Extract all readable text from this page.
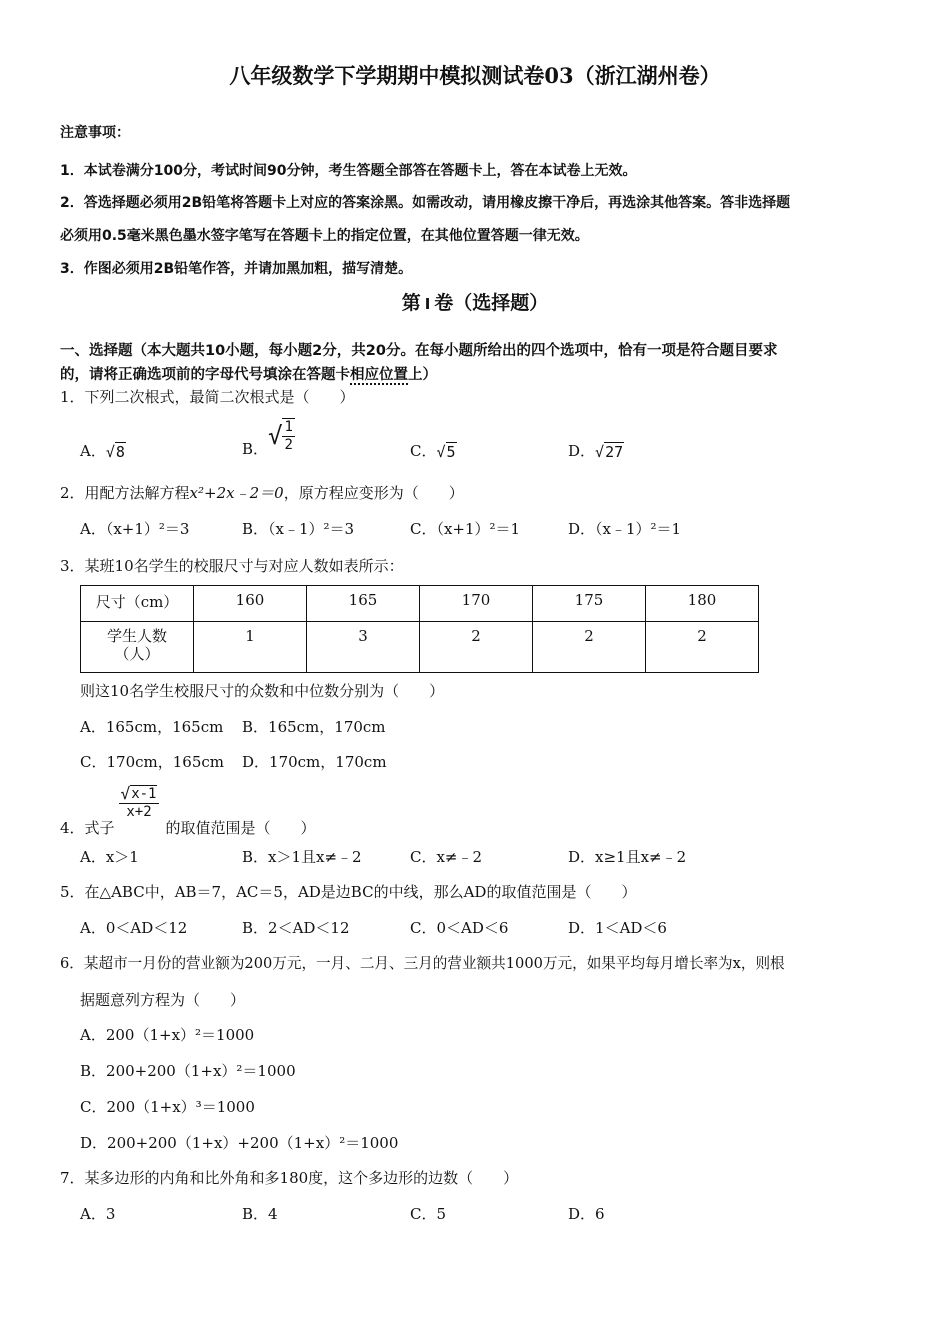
八年级数学下学期期中模拟测试卷03（浙江湖州卷）
注意事项：
1．本试卷满分100分，考试时间90分钟，考生答题全部答在答题卡上，答在本试卷上无效。
2．答选择题必须用2B铅笔将答题卡上对应的答案涂黑。如需改动，请用橡皮擦干净后，再选涂其他答案。答非选择题
必须用0.5毫米黑色墨水签字笔写在答题卡上的指定位置，在其他位置答题一律无效。
3．作图必须用2B铅笔作答，并请加黑加粗，描写清楚。
第 Ⅰ 卷（选择题）
一、选择题（本大题共10小题，每小题2分，共20分。在每小题所给出的四个选项中，恰有一项是符合题目要求
的，请将正确选项前的字母代号填涂在答题卡相应位置上）
1．下列二次根式，最简二次根式是（　　）
A．√8	B．√ $\frac{1}{2}$	C．√5	D．√27
2．用配方法解方程x²+2x﹣2＝0，原方程应变形为（　　）
A．（x+1）²＝3	B．（x﹣1）²＝3	C．（x+1）²＝1	D．（x﹣1）²＝1
3．某班10名学生的校服尺寸与对应人数如表所示：
尺寸（cm）	160	165	170	175	180

学生人数
（人）	1	3	2	2	2
则这10名学生校服尺寸的众数和中位数分别为（　　）
A．165cm，165cm B．165cm，170cm
C．170cm，165cm D．170cm，170cm
4．式子
$\frac{√x-1}{x+2}$
的取值范围是（　　）
A．x＞1	B．x＞1且x≠﹣2	C．x≠﹣2	D．x≥1且x≠﹣2
5．在△ABC中，AB＝7，AC＝5，AD是边BC的中线，那么AD的取值范围是（　　）
A．0＜AD＜12	B．2＜AD＜12	C．0＜AD＜6	D．1＜AD＜6
6．某超市一月份的营业额为200万元，一月、二月、三月的营业额共1000万元，如果平均每月增长率为x，则根
据题意列方程为（　　）
A．200（1+x）²＝1000
B．200+200（1+x）²＝1000
C．200（1+x）³＝1000
D．200+200（1+x）+200（1+x）²＝1000
7．某多边形的内角和比外角和多180度，这个多边形的边数（　　）
A．3	B．4	C．5	D．6
